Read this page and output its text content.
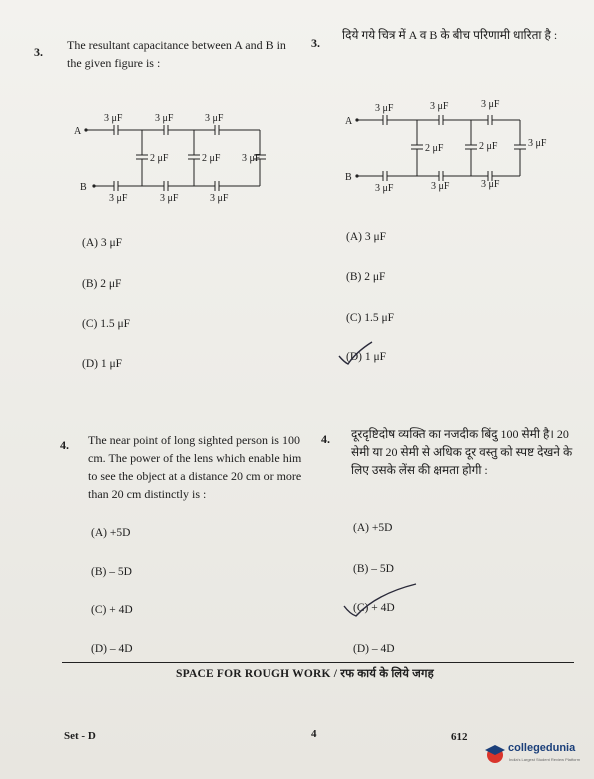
3. The resultant capacitance between A and B in the given figure is :
A
B
3 μF	3 μF	3 μF
3 μF	3 μF	3 μF
2 μF	2 μF 3 μF
(A) 3 μF
(B) 2 μF
(C) 1.5 μF
(D) 1 μF
3.
दिये गये चित्र में A व B के बीच परिणामी धारिता है :
A
B
3 μF	3 μF	3 μF
3 μF	3 μF	3 μF
2 μF	2 μF	3 μF
(A) 3 μF
(B) 2 μF
(C) 1.5 μF
(D) 1 μF
4. The near point of long sighted person is 100 cm. The power of the lens which enable him to see the object at a distance 20 cm or more than 20 cm distinctly is :
(A) +5D
(B) – 5D
(C) + 4D
(D) – 4D
4. दूरदृष्टिदोष व्यक्ति का नजदीक बिंदु 100 सेमी है। 20 सेमी या 20 सेमी से अधिक दूर वस्तु को स्पष्ट देखने के लिए उसके लेंस की क्षमता होगी :
(A) +5D
(B) – 5D
(C) + 4D
(D) – 4D
SPACE FOR ROUGH WORK / रफ कार्य के लिये जगह
Set - D	4	612
collegedunia
India's Largest Student Review Platform
